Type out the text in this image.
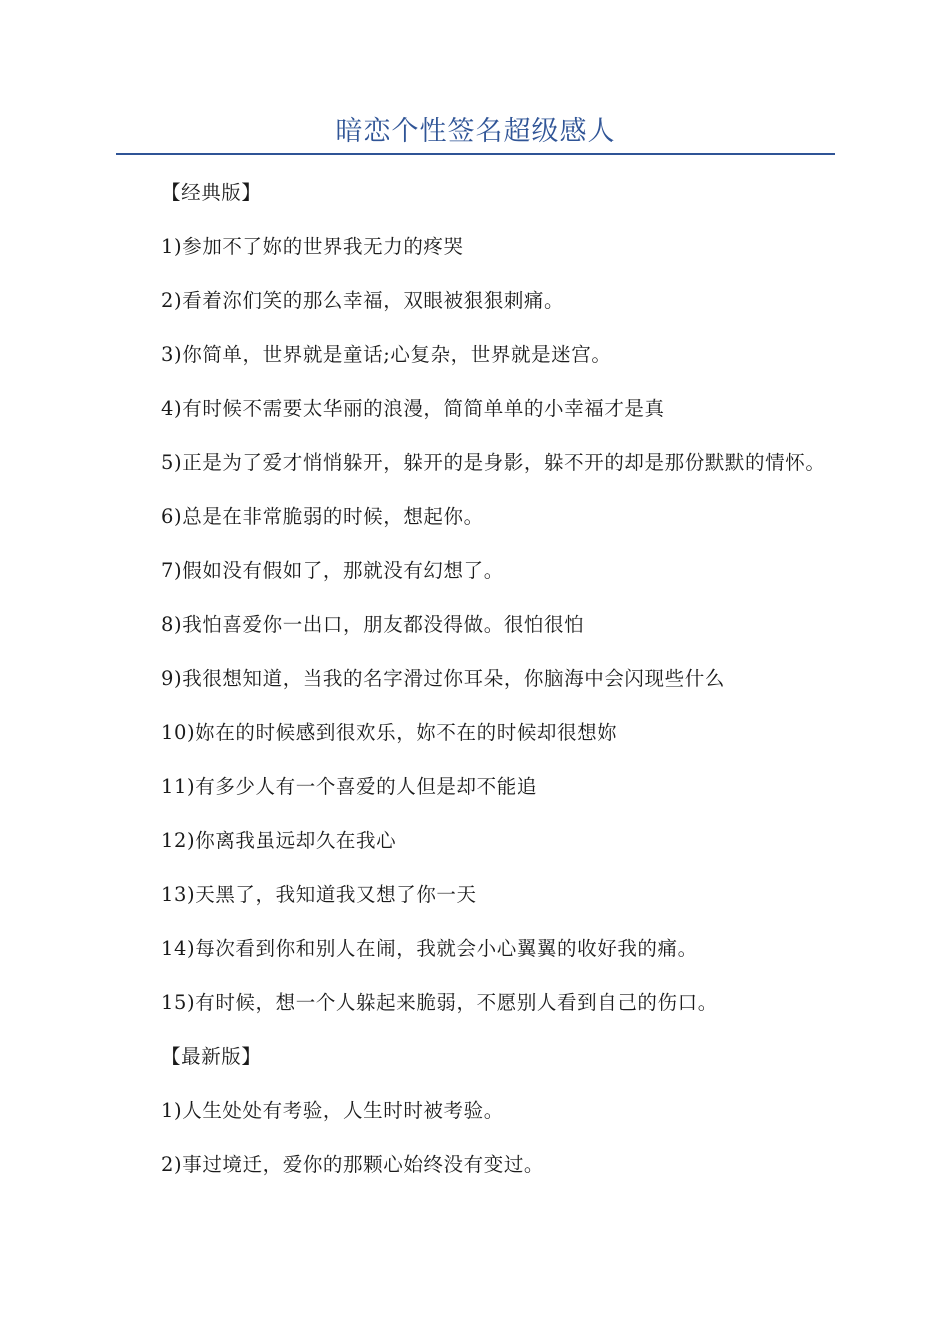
暗恋个性签名超级感人

【经典版】

1)参加不了妳的世界我无力的疼哭

2)看着沵们笑的那么幸福，双眼被狠狠刺痛。

3)你简单，世界就是童话;心复杂，世界就是迷宫。

4)有时候不需要太华丽的浪漫，简简单单的小幸福才是真

5)正是为了爱才悄悄躲开，躲开的是身影，躲不开的却是那份默默的情怀。

6)总是在非常脆弱的时候，想起你。

7)假如没有假如了，那就没有幻想了。

8)我怕喜爱你一出口，朋友都没得做。很怕很怕

9)我很想知道，当我的名字滑过你耳朵，你脑海中会闪现些什么

10)妳在的时候感到很欢乐，妳不在的时候却很想妳

11)有多少人有一个喜爱的人但是却不能追

12)你离我虽远却久在我心

13)天黑了，我知道我又想了你一天

14)每次看到你和别人在闹，我就会小心翼翼的收好我的痛。

15)有时候，想一个人躲起来脆弱，不愿别人看到自己的伤口。

【最新版】

1)人生处处有考验，人生时时被考验。

2)事过境迁，爱你的那颗心始终没有变过。
